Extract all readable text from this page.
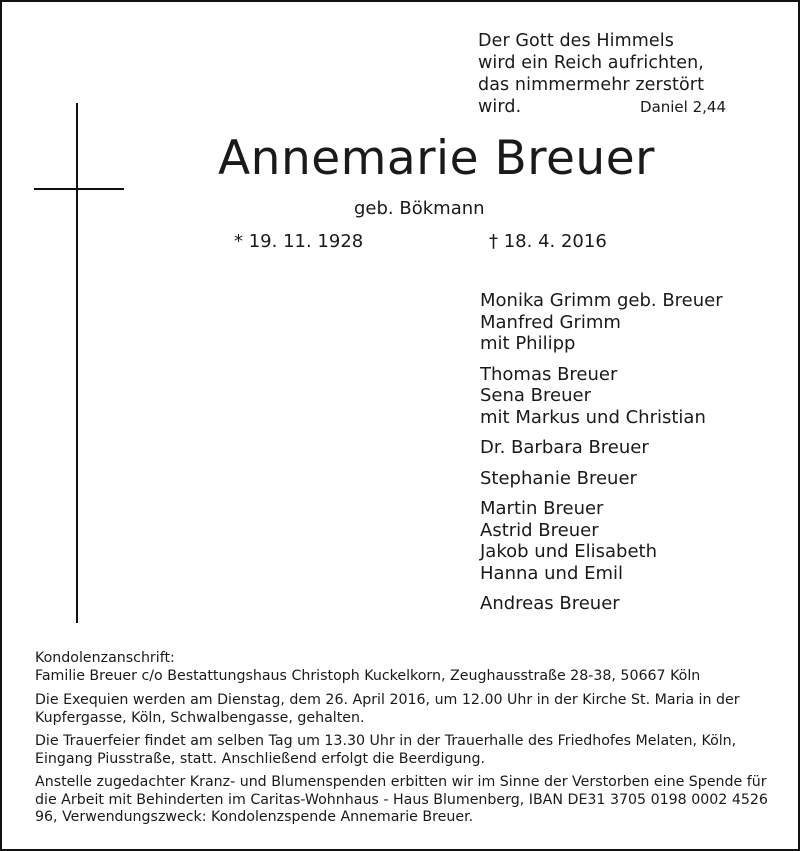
Der Gott des Himmels
wird ein Reich aufrichten,
das nimmermehr zerstört wird.	Daniel 2,44
Annemarie Breuer
geb. Bökmann
* 19. 11. 1928	† 18. 4. 2016
Monika Grimm geb. Breuer
Manfred Grimm
mit Philipp
Thomas Breuer
Sena Breuer
mit Markus und Christian
Dr. Barbara Breuer
Stephanie Breuer
Martin Breuer
Astrid Breuer
Jakob und Elisabeth
Hanna und Emil
Andreas Breuer

Kondolenzanschrift:
Familie Breuer c/o Bestattungshaus Christoph Kuckelkorn, Zeughausstraße 28-38, 50667 Köln

Die Exequien werden am Dienstag, dem 26. April 2016, um 12.00 Uhr in der Kirche St. Maria in der Kupfergasse, Köln, Schwalbengasse, gehalten.

Die Trauerfeier findet am selben Tag um 13.30 Uhr in der Trauerhalle des Friedhofes Melaten, Köln, Eingang Piusstraße, statt. Anschließend erfolgt die Beerdigung.

Anstelle zugedachter Kranz- und Blumenspenden erbitten wir im Sinne der Verstorben eine Spende für die Arbeit mit Behinderten im Caritas-Wohnhaus - Haus Blumenberg, IBAN DE31 3705 0198 0002 4526 96, Verwendungszweck: Kondolenzspende Annemarie Breuer.
